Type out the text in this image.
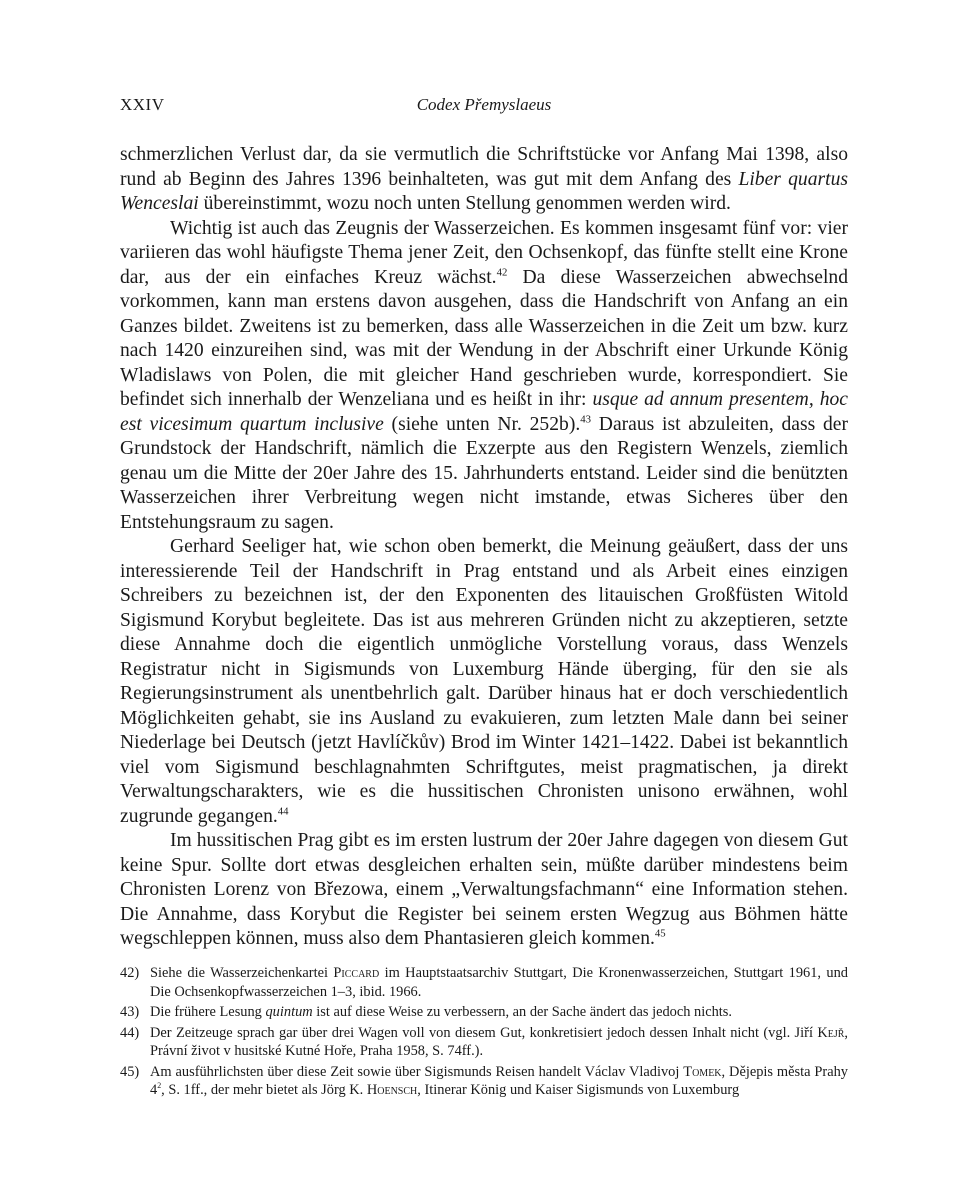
XXIV	Codex Přemyslaeus

schmerzlichen Verlust dar, da sie vermutlich die Schriftstücke vor Anfang Mai 1398, also rund ab Beginn des Jahres 1396 beinhalteten, was gut mit dem Anfang des Liber quartus Wenceslai übereinstimmt, wozu noch unten Stellung genommen werden wird.

Wichtig ist auch das Zeugnis der Wasserzeichen. Es kommen insgesamt fünf vor: vier variieren das wohl häufigste Thema jener Zeit, den Ochsenkopf, das fünfte stellt eine Krone dar, aus der ein einfaches Kreuz wächst.$^{42}$ Da diese Wasserzeichen abwechselnd vorkommen, kann man erstens davon ausgehen, dass die Handschrift von Anfang an ein Ganzes bildet. Zweitens ist zu bemerken, dass alle Wasserzeichen in die Zeit um bzw. kurz nach 1420 einzureihen sind, was mit der Wendung in der Abschrift einer Urkunde König Wladislaws von Polen, die mit gleicher Hand geschrieben wurde, korrespondiert. Sie befindet sich innerhalb der Wenzeliana und es heißt in ihr: usque ad annum presentem, hoc est vicesimum quartum inclusive (siehe unten Nr. 252b).$^{43}$ Daraus ist abzuleiten, dass der Grundstock der Handschrift, nämlich die Exzerpte aus den Registern Wenzels, ziemlich genau um die Mitte der 20er Jahre des 15. Jahrhunderts entstand. Leider sind die benützten Wasserzeichen ihrer Verbreitung wegen nicht imstande, etwas Sicheres über den Entstehungsraum zu sagen.

Gerhard Seeliger hat, wie schon oben bemerkt, die Meinung geäußert, dass der uns interessierende Teil der Handschrift in Prag entstand und als Arbeit eines einzigen Schreibers zu bezeichnen ist, der den Exponenten des litauischen Großfüsten Witold Sigismund Korybut begleitete. Das ist aus mehreren Gründen nicht zu akzeptieren, setzte diese Annahme doch die eigentlich unmögliche Vorstellung voraus, dass Wenzels Registratur nicht in Sigismunds von Luxemburg Hände überging, für den sie als Regierungsinstrument als unentbehrlich galt. Darüber hinaus hat er doch verschiedentlich Möglichkeiten gehabt, sie ins Ausland zu evakuieren, zum letzten Male dann bei seiner Niederlage bei Deutsch (jetzt Havlíčkův) Brod im Winter 1421–1422. Dabei ist bekanntlich viel vom Sigismund beschlagnahmten Schriftgutes, meist pragmatischen, ja direkt Verwaltungscharakters, wie es die hussitischen Chronisten unisono erwähnen, wohl zugrunde gegangen.$^{44}$

Im hussitischen Prag gibt es im ersten lustrum der 20er Jahre dagegen von diesem Gut keine Spur. Sollte dort etwas desgleichen erhalten sein, müßte darüber mindestens beim Chronisten Lorenz von Březowa, einem „Verwaltungsfachmann“ eine Information stehen. Die Annahme, dass Korybut die Register bei seinem ersten Wegzug aus Böhmen hätte wegschleppen können, muss also dem Phantasieren gleich kommen.$^{45}$

42) Siehe die Wasserzeichenkartei Piccard im Hauptstaatsarchiv Stuttgart, Die Kronenwasserzeichen, Stuttgart 1961, und Die Ochsenkopfwasserzeichen 1–3, ibid. 1966.
43) Die frühere Lesung quintum ist auf diese Weise zu verbessern, an der Sache ändert das jedoch nichts.
44) Der Zeitzeuge sprach gar über drei Wagen voll von diesem Gut, konkretisiert jedoch dessen Inhalt nicht (vgl. Jiří Kejř, Právní život v husitské Kutné Hoře, Praha 1958, S. 74ff.).
45) Am ausführlichsten über diese Zeit sowie über Sigismunds Reisen handelt Václav Vladivoj Tomek, Dějepis města Prahy $4^2$, S. 1ff., der mehr bietet als Jörg K. Hoensch, Itinerar König und Kaiser Sigismunds von Luxemburg
